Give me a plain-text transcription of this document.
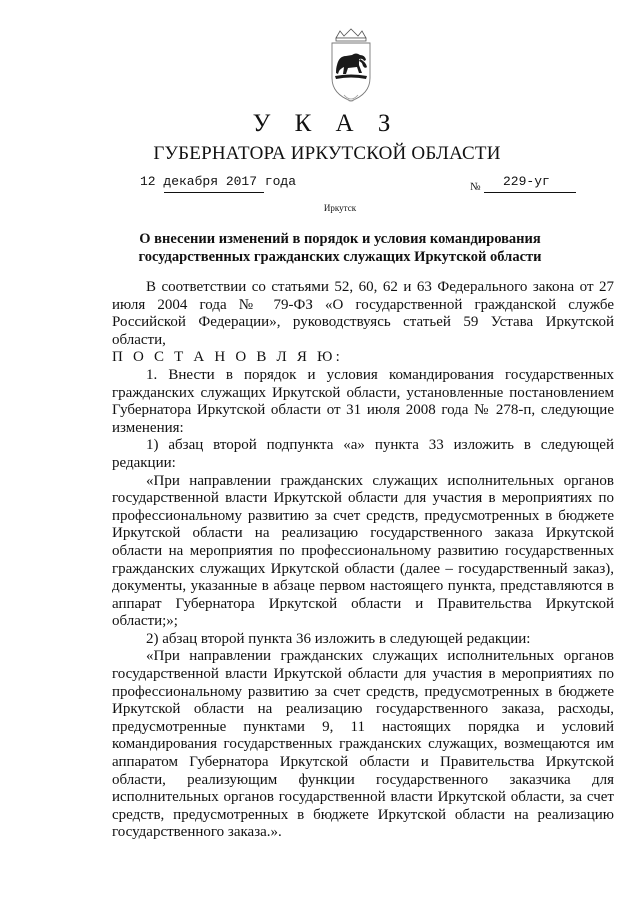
У К А З
ГУБЕРНАТОРА ИРКУТСКОЙ ОБЛАСТИ
12 декабря 2017 года	№ 229-уг
Иркутск
О внесении изменений в порядок и условия командирования
государственных гражданских служащих Иркутской области

В соответствии со статьями 52, 60, 62 и 63 Федерального закона от 27 июля 2004 года № 79-ФЗ «О государственной гражданской службе Российской Федерации», руководствуясь статьей 59 Устава Иркутской области,

П О С Т А Н О В Л Я Ю:

1. Внести в порядок и условия командирования государственных гражданских служащих Иркутской области, установленные постановлением Губернатора Иркутской области от 31 июля 2008 года № 278-п, следующие изменения:

1) абзац второй подпункта «а» пункта 33 изложить в следующей редакции:

«При направлении гражданских служащих исполнительных органов государственной власти Иркутской области для участия в мероприятиях по профессиональному развитию за счет средств, предусмотренных в бюджете Иркутской области на реализацию государственного заказа Иркутской области на мероприятия по профессиональному развитию государственных гражданских служащих Иркутской области (далее – государственный заказ), документы, указанные в абзаце первом настоящего пункта, представляются в аппарат Губернатора Иркутской области и Правительства Иркутской области;»;

2) абзац второй пункта 36 изложить в следующей редакции:

«При направлении гражданских служащих исполнительных органов государственной власти Иркутской области для участия в мероприятиях по профессиональному развитию за счет средств, предусмотренных в бюджете Иркутской области на реализацию государственного заказа, расходы, предусмотренные пунктами 9, 11 настоящих порядка и условий командирования государственных гражданских служащих, возмещаются им аппаратом Губернатора Иркутской области и Правительства Иркутской области, реализующим функции государственного заказчика для исполнительных органов государственной власти Иркутской области, за счет средств, предусмотренных в бюджете Иркутской области на реализацию государственного заказа.».
